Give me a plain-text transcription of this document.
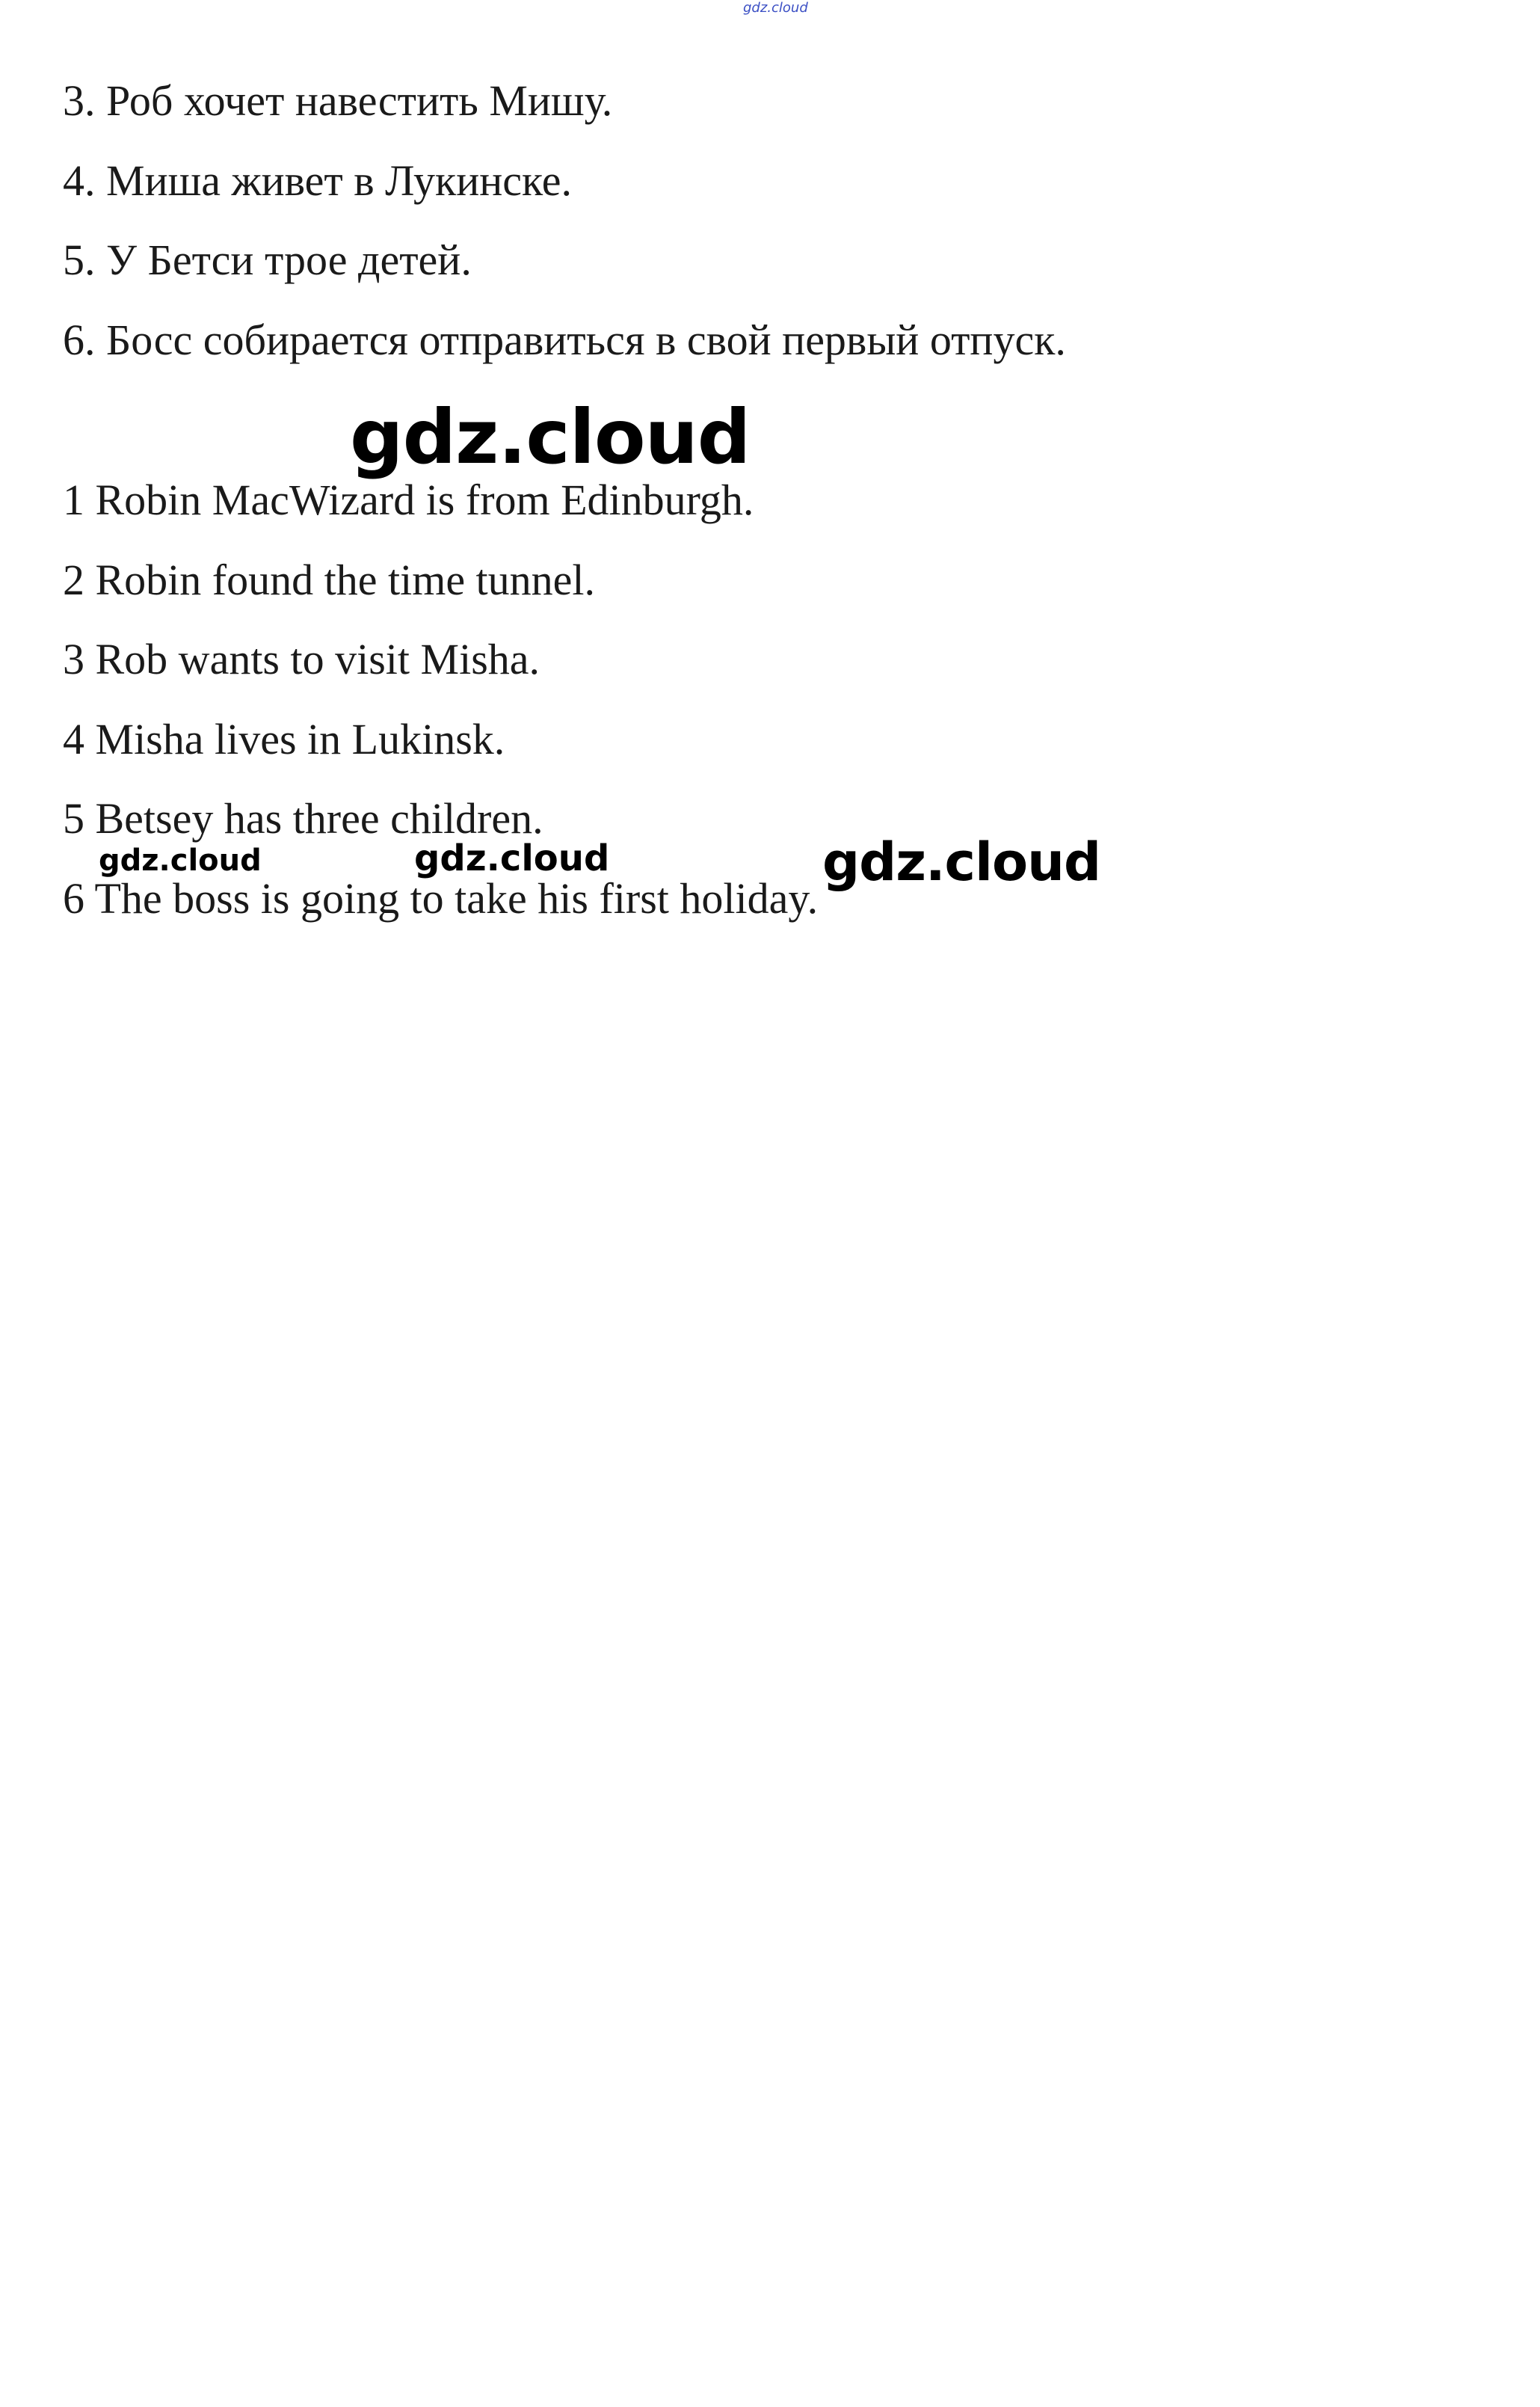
gdz.cloud

3. Роб хочет навестить Мишу.

4. Миша живет в Лукинске.

5. У Бетси трое детей.

6. Босс собирается отправиться в свой первый отпуск.

gdz.cloud

1 Robin MacWizard is from Edinburgh.

2 Robin found the time tunnel.

3 Rob wants to visit Misha.

4 Misha lives in Lukinsk.

5 Betsey has three children.

6 The boss is going to take his first holiday.

gdz.cloud	gdz.cloud	gdz.cloud
